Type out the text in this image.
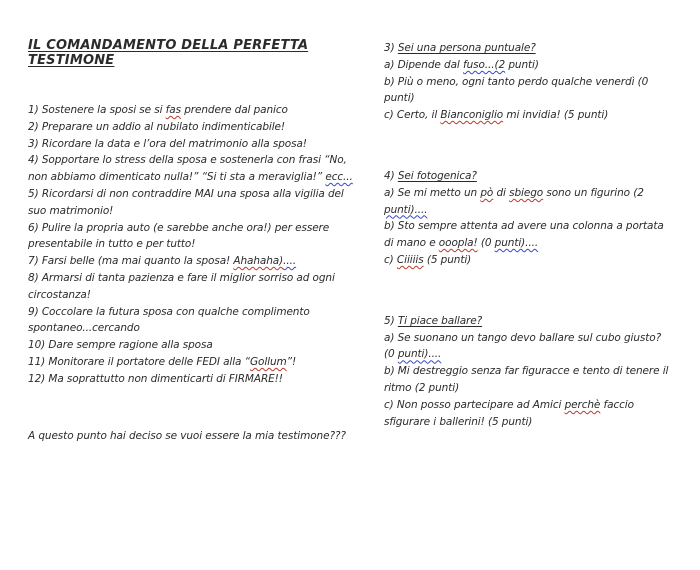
IL COMANDAMENTO DELLA PERFETTA TESTIMONE

1) Sostenere la sposi se si fas prendere dal panico

2) Preparare un addio al nubilato indimenticabile!

3) Ricordare la data e l’ora del matrimonio alla sposa!

4) Sopportare lo stress della sposa e sostenerla con frasi “No, non abbiamo dimenticato nulla!” “Si ti sta a meraviglia!” ecc...

5) Ricordarsi di non contraddire MAI una sposa alla vigilia del suo matrimonio!

6) Pulire la propria auto (e sarebbe anche ora!) per essere presentabile in tutto e per tutto!

7) Farsi belle (ma mai quanto la sposa! Ahahaha)....

8) Armarsi di tanta pazienza e fare il miglior sorriso ad ogni circostanza!

9) Coccolare la futura sposa con qualche complimento spontaneo...cercando

10) Dare sempre ragione alla sposa

11) Monitorare il portatore delle FEDI alla “Gollum”!

12) Ma soprattutto non dimenticarti di FIRMARE!!

A questo punto hai deciso se vuoi essere la mia testimone???

3) Sei una persona puntuale?

a) Dipende dal fuso...(2 punti)

b) Più o meno, ogni tanto perdo qualche venerdì (0 punti)

c) Certo, il Bianconiglio mi invidia! (5 punti)

4) Sei fotogenica?

a) Se mi metto un pò di sbiego sono un figurino (2 punti)....

b) Sto sempre attenta ad avere una colonna a portata di mano e ooopla! (0 punti)....

c) Ciiiiis (5 punti)

5) Ti piace ballare?

a) Se suonano un tango devo ballare sul cubo giusto? (0 punti)....

b) Mi destreggio senza far figuracce e tento di tenere il ritmo (2 punti)

c) Non posso partecipare ad Amici perchè faccio sfigurare i ballerini! (5 punti)
